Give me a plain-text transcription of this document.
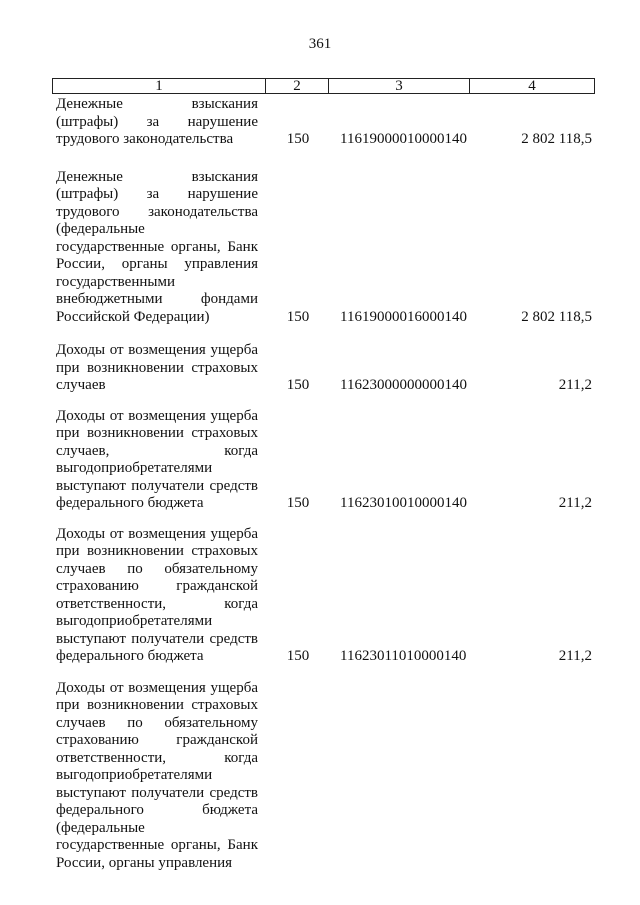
361
1	2	3	4
Денежные взыскания
(штрафы) за нарушение
трудового законодательства	150	11619000010000140	2 802 118,5
Денежные взыскания
(штрафы) за нарушение
трудового законодательства
(федеральные
государственные органы, Банк
России, органы управления
государственными
внебюджетными фондами
Российской Федерации)	150	11619000016000140	2 802 118,5
Доходы от возмещения ущерба
при возникновении страховых
случаев	150	11623000000000140	211,2
Доходы от возмещения ущерба
при возникновении страховых
случаев, когда
выгодоприобретателями
выступают получатели средств
федерального бюджета	150	11623010010000140	211,2
Доходы от возмещения ущерба
при возникновении страховых
случаев по обязательному
страхованию гражданской
ответственности, когда
выгодоприобретателями
выступают получатели средств
федерального бюджета	150	11623011010000140	211,2
Доходы от возмещения ущерба
при возникновении страховых
случаев по обязательному
страхованию гражданской
ответственности, когда
выгодоприобретателями
выступают получатели средств
федерального бюджета
(федеральные
государственные органы, Банк
России, органы управления
